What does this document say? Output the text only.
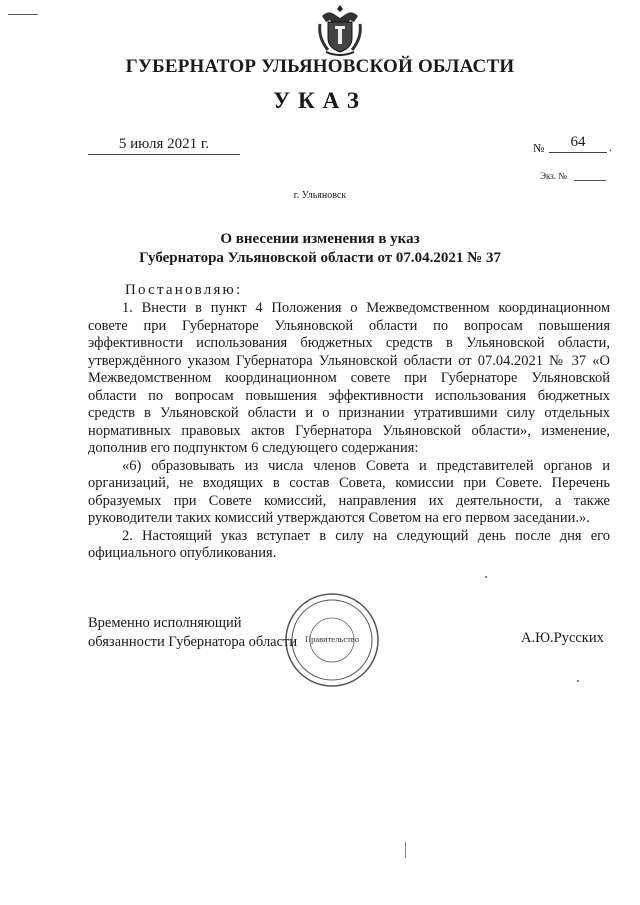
ГУБЕРНАТОР УЛЬЯНОВСКОЙ ОБЛАСТИ
УКАЗ
5 июля 2021 г.	№	64	.
Экз. №
г. Ульяновск
О внесении изменения в указ
Губернатора Ульяновской области от 07.04.2021 № 37
Постановляю:

1. Внести в пункт 4 Положения о Межведомственном координационном совете при Губернаторе Ульяновской области по вопросам повышения эффективности использования бюджетных средств в Ульяновской области, утверждённого указом Губернатора Ульяновской области от 07.04.2021 № 37 «О Межведомственном координационном совете при Губернаторе Ульяновской области по вопросам повышения эффективности использования бюджетных средств в Ульяновской области и о признании утратившими силу отдельных нормативных правовых актов Губернатора Ульяновской области», изменение, дополнив его подпунктом 6 следующего содержания:

«6) образовывать из числа членов Совета и представителей органов и организаций, не входящих в состав Совета, комиссии при Совете. Перечень образуемых при Совете комиссий, направления их деятельности, а также руководители таких комиссий утверждаются Советом на его первом заседании.».

2. Настоящий указ вступает в силу на следующий день после дня его официального опубликования.

Правительство
Временно исполняющий
обязанности Губернатора области	А.Ю.Русских
